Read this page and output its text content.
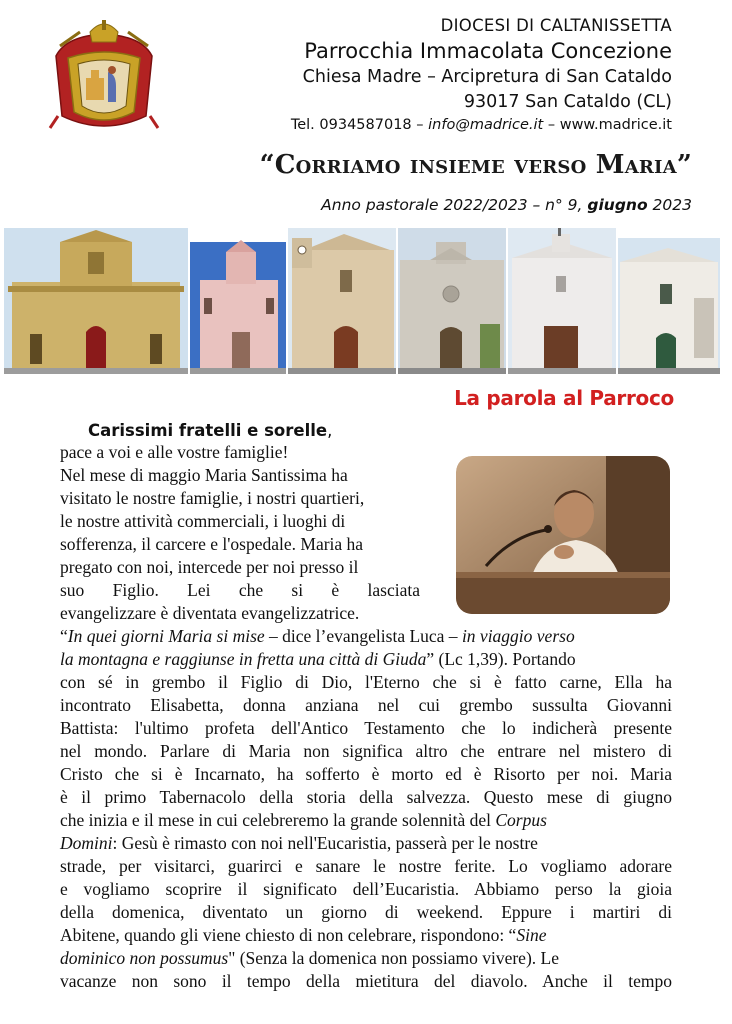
DIOCESI DI CALTANISSETTA
Parrocchia Immacolata Concezione
Chiesa Madre – Arcipretura di San Cataldo
93017 San Cataldo (CL)
Tel. 0934587018 – info@madrice.it – www.madrice.it
“Corriamo insieme verso Maria”
Anno pastorale 2022/2023 – n° 9, giugno 2023
La parola al Parroco
Carissimi fratelli e sorelle,
pace a voi e alle vostre famiglie!
Nel mese di maggio Maria Santissima ha
visitato le nostre famiglie, i nostri quartieri,
le nostre attività commerciali, i luoghi di
sofferenza, il carcere e l'ospedale. Maria ha
pregato con noi, intercede per noi presso il
suo Figlio. Lei che si è lasciata
evangelizzare è diventata evangelizzatrice.
“In quei giorni Maria si mise – dice l’evangelista Luca – in viaggio verso
la montagna e raggiunse in fretta una città di Giuda” (Lc 1,39). Portando
con sé in grembo il Figlio di Dio, l'Eterno che si è fatto carne, Ella ha
incontrato Elisabetta, donna anziana nel cui grembo sussulta Giovanni
Battista: l'ultimo profeta dell'Antico Testamento che lo indicherà presente
nel mondo. Parlare di Maria non significa altro che entrare nel mistero di
Cristo che si è Incarnato, ha sofferto è morto ed è Risorto per noi. Maria
è il primo Tabernacolo della storia della salvezza. Questo mese di giugno
che inizia e il mese in cui celebreremo la grande solennità del Corpus
Domini: Gesù è rimasto con noi nell'Eucaristia, passerà per le nostre
strade, per visitarci, guarirci e sanare le nostre ferite. Lo vogliamo adorare
e vogliamo scoprire il significato dell’Eucaristia. Abbiamo perso la gioia
della domenica, diventato un giorno di weekend. Eppure i martiri di
Abitene, quando gli viene chiesto di non celebrare, rispondono: “Sine
dominico non possumus" (Senza la domenica non possiamo vivere). Le
vacanze non sono il tempo della mietitura del diavolo. Anche il tempo
